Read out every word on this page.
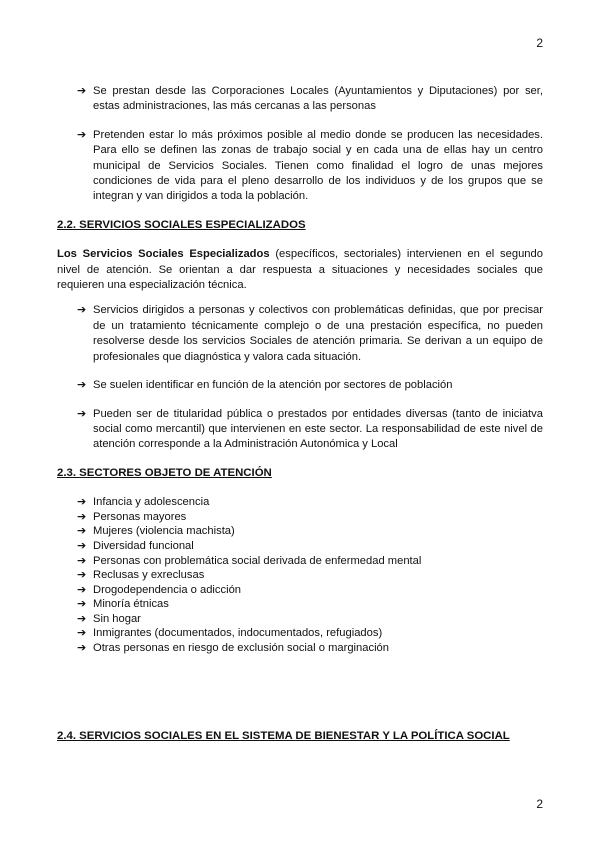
2
➔ Se prestan desde las Corporaciones Locales (Ayuntamientos y Diputaciones) por ser, estas administraciones, las más cercanas a las personas
➔ Pretenden estar lo más próximos posible al medio donde se producen las necesidades. Para ello se definen las zonas de trabajo social y en cada una de ellas hay un centro municipal de Servicios Sociales. Tienen como finalidad el logro de unas mejores condiciones de vida para el pleno desarrollo de los individuos y de los grupos que se integran y van dirigidos a toda la población.
2.2. SERVICIOS SOCIALES ESPECIALIZADOS

Los Servicios Sociales Especializados (específicos, sectoriales) intervienen en el segundo nivel de atención. Se orientan a dar respuesta a situaciones y necesidades sociales que requieren una especialización técnica.

➔ Servicios dirigidos a personas y colectivos con problemáticas definidas, que por precisar de un tratamiento técnicamente complejo o de una prestación específica, no pueden resolverse desde los servicios Sociales de atención primaria. Se derivan a un equipo de profesionales que diagnóstica y valora cada situación.
➔ Se suelen identificar en función de la atención por sectores de población
➔ Pueden ser de titularidad pública o prestados por entidades diversas (tanto de iniciatva social como mercantil) que intervienen en este sector. La responsabilidad de este nivel de atención corresponde a la Administración Autonómica y Local
2.3. SECTORES OBJETO DE ATENCIÓN
➔ Infancia y adolescencia
➔ Personas mayores
➔ Mujeres (violencia machista)
➔ Diversidad funcional
➔ Personas con problemática social derivada de enfermedad mental
➔ Reclusas y exreclusas
➔ Drogodependencia o adicción
➔ Minoría étnicas
➔ Sin hogar
➔ Inmigrantes (documentados, indocumentados, refugiados)
➔ Otras personas en riesgo de exclusión social o marginación
2.4. SERVICIOS SOCIALES EN EL SISTEMA DE BIENESTAR Y LA POLÍTICA SOCIAL
2
